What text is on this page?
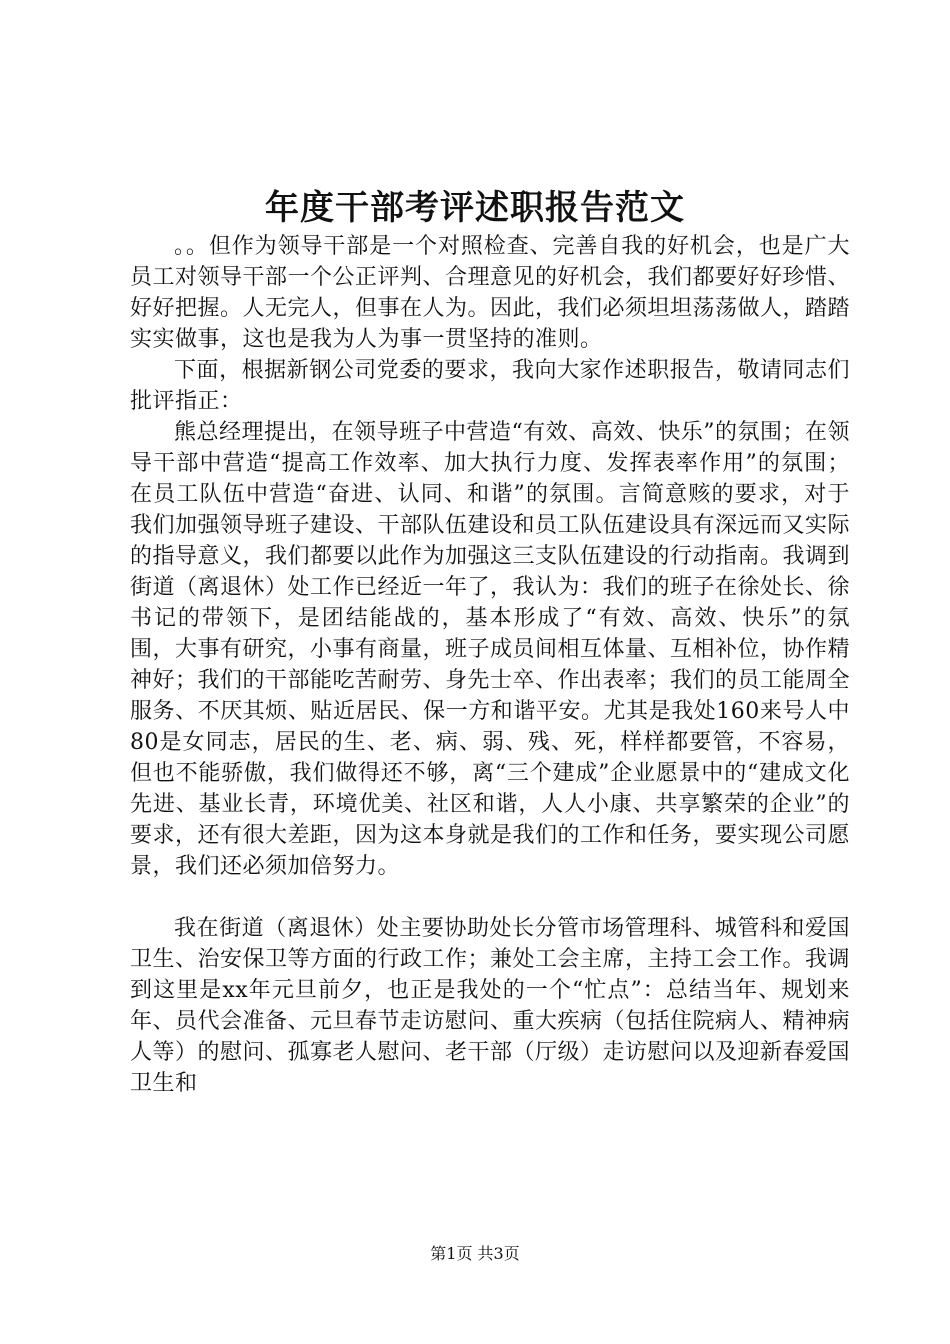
年度干部考评述职报告范文

。。但作为领导干部是一个对照检查、完善自我的好机会，也是广大员工对领导干部一个公正评判、合理意见的好机会，我们都要好好珍惜、好好把握。人无完人，但事在人为。因此，我们必须坦坦荡荡做人，踏踏实实做事，这也是我为人为事一贯坚持的准则。

下面，根据新钢公司党委的要求，我向大家作述职报告，敬请同志们批评指正：

熊总经理提出，在领导班子中营造“有效、高效、快乐”的氛围；在领导干部中营造“提高工作效率、加大执行力度、发挥表率作用”的氛围；在员工队伍中营造“奋进、认同、和谐”的氛围。言简意赅的要求，对于我们加强领导班子建设、干部队伍建设和员工队伍建设具有深远而又实际的指导意义，我们都要以此作为加强这三支队伍建设的行动指南。我调到街道（离退休）处工作已经近一年了，我认为：我们的班子在徐处长、徐书记的带领下，是团结能战的，基本形成了“有效、高效、快乐”的氛围，大事有研究，小事有商量，班子成员间相互体量、互相补位，协作精神好；我们的干部能吃苦耐劳、身先士卒、作出表率；我们的员工能周全服务、不厌其烦、贴近居民、保一方和谐平安。尤其是我处160来号人中80是女同志，居民的生、老、病、弱、残、死，样样都要管，不容易，但也不能骄傲，我们做得还不够，离“三个建成”企业愿景中的“建成文化先进、基业长青，环境优美、社区和谐，人人小康、共享繁荣的企业”的要求，还有很大差距，因为这本身就是我们的工作和任务，要实现公司愿景，我们还必须加倍努力。

我在街道（离退休）处主要协助处长分管市场管理科、城管科和爱国卫生、治安保卫等方面的行政工作；兼处工会主席，主持工会工作。我调到这里是xx年元旦前夕，也正是我处的一个“忙点”：总结当年、规划来年、员代会准备、元旦春节走访慰问、重大疾病（包括住院病人、精神病人等）的慰问、孤寡老人慰问、老干部（厅级）走访慰问以及迎新春爱国卫生和

第1页 共3页
